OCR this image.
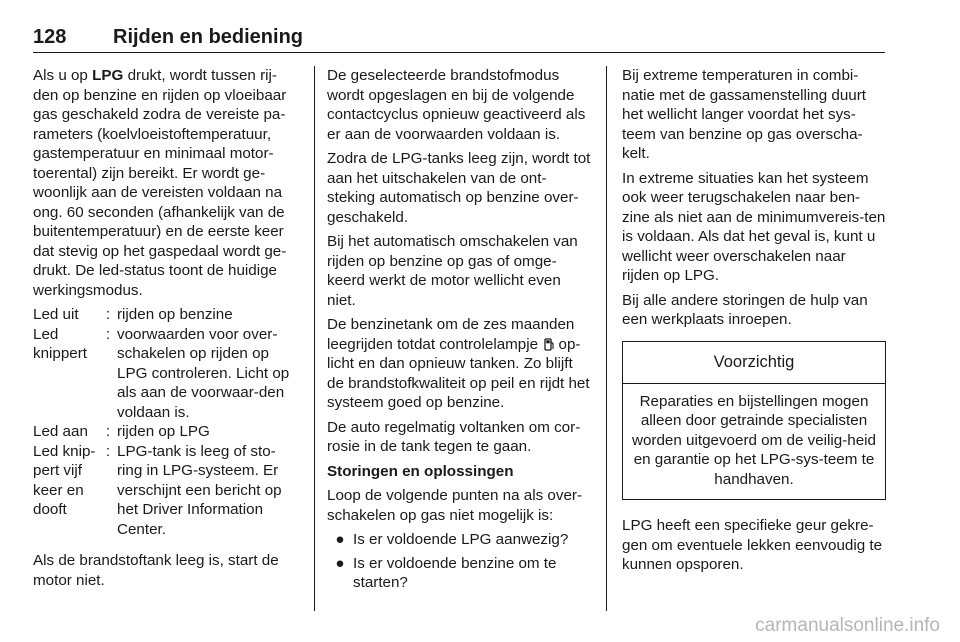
128 Rijden en bediening

Als u op LPG drukt, wordt tussen rij-den op benzine en rijden op vloeibaar gas geschakeld zodra de vereiste pa-rameters (koelvloeistoftemperatuur, gastemperatuur en minimaal motor-toerental) zijn bereikt. Er wordt ge-woonlijk aan de vereisten voldaan na ong. 60 seconden (afhankelijk van de buitentemperatuur) en de eerste keer dat stevig op het gaspedaal wordt ge-drukt. De led-status toont de huidige werkingsmodus.

Led uit	: rijden op benzine
Led knippert
: voorwaarden voor over-schakelen op rijden op LPG controleren. Licht op als aan de voorwaar-den voldaan is.
Led aan	: rijden op LPG
Led knip-pert vijf keer en dooft
: LPG-tank is leeg of sto-ring in LPG-systeem. Er verschijnt een bericht op het Driver Information Center.

Als de brandstoftank leeg is, start de motor niet.

De geselecteerde brandstofmodus wordt opgeslagen en bij de volgende contactcyclus opnieuw geactiveerd als er aan de voorwaarden voldaan is.

Zodra de LPG-tanks leeg zijn, wordt tot aan het uitschakelen van de ont-steking automatisch op benzine over-geschakeld.

Bij het automatisch omschakelen van rijden op benzine op gas of omge-keerd werkt de motor wellicht even niet.

De benzinetank om de zes maanden leegrijden totdat controlelampje  op-licht en dan opnieuw tanken. Zo blijft de brandstofkwaliteit op peil en rijdt het systeem goed op benzine.

De auto regelmatig voltanken om cor-rosie in de tank tegen te gaan.

Storingen en oplossingen

Loop de volgende punten na als over-schakelen op gas niet mogelijk is:

● Is er voldoende LPG aanwezig?
● Is er voldoende benzine om te starten?

Bij extreme temperaturen in combi-natie met de gassamenstelling duurt het wellicht langer voordat het sys-teem van benzine op gas overscha-kelt.

In extreme situaties kan het systeem ook weer terugschakelen naar ben-zine als niet aan de minimumvereis-ten is voldaan. Als dat het geval is, kunt u wellicht weer overschakelen naar rijden op LPG.

Bij alle andere storingen de hulp van een werkplaats inroepen.

Voorzichtig
Reparaties en bijstellingen mogen alleen door getrainde specialisten worden uitgevoerd om de veilig-heid en garantie op het LPG-sys-teem te handhaven.

LPG heeft een specifieke geur gekre-gen om eventuele lekken eenvoudig te kunnen opsporen.

carmanualsonline.info
